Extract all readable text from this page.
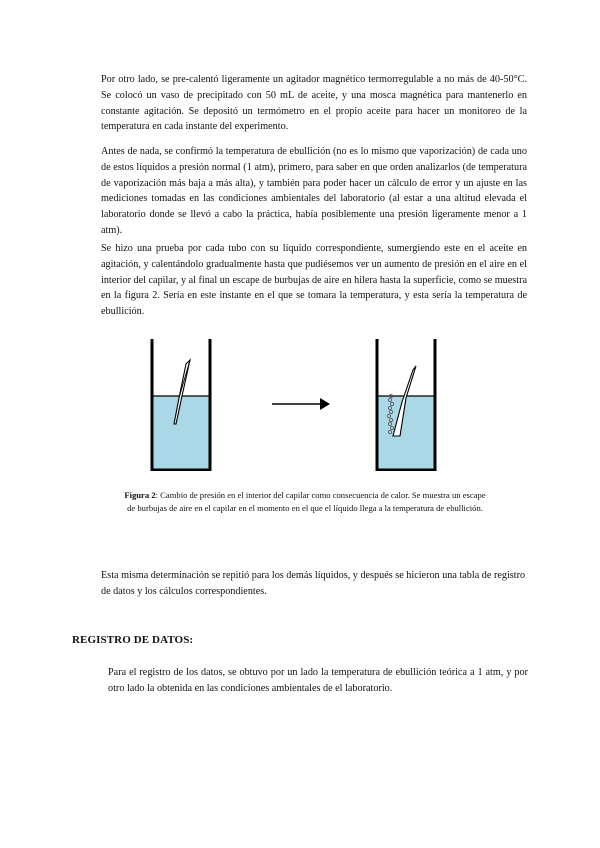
Por otro lado, se pre-calentó ligeramente un agitador magnético termorregulable a no más de 40-50°C. Se colocó un vaso de precipitado con 50 mL de aceite, y una mosca magnética para mantenerlo en constante agitación. Se depositó un termómetro en el propio aceite para hacer un monitoreo de la temperatura en cada instante del experimento.

Antes de nada, se confirmó la temperatura de ebullición (no es lo mismo que vaporización) de cada uno de estos líquidos a presión normal (1 atm), primero, para saber en que orden analizarlos (de temperatura de vaporización más baja a más alta), y también para poder hacer un cálculo de error y un ajuste en las mediciones tomadas en las condiciones ambientales del laboratorio (al estar a una altitud elevada el laboratorio donde se llevó a cabo la práctica, había posiblemente una presión ligeramente menor a 1 atm).

Se hizo una prueba por cada tubo con su líquido correspondiente, sumergiendo este en el aceite en agitación, y calentándolo gradualmente hasta que pudiésemos ver un aumento de presión en el aire en el interior del capilar, y al final un escape de burbujas de aire en hilera hasta la superficie, como se muestra en la figura 2. Sería en este instante en el que se tomara la temperatura, y esta sería la temperatura de ebullición.

Figura 2: Cambio de presión en el interior del capilar como consecuencia de calor. Se muestra un escape de burbujas de aire en el capilar en el momento en el que el líquido llega a la temperatura de ebullición.

Esta misma determinación se repitió para los demás líquidos, y después se hicieron una tabla de registro de datos y los cálculos correspondientes.

REGISTRO DE DATOS:

Para el registro de los datos, se obtuvo por un lado la temperatura de ebullición teórica a 1 atm, y por otro lado la obtenida en las condiciones ambientales de el laboratorio.
